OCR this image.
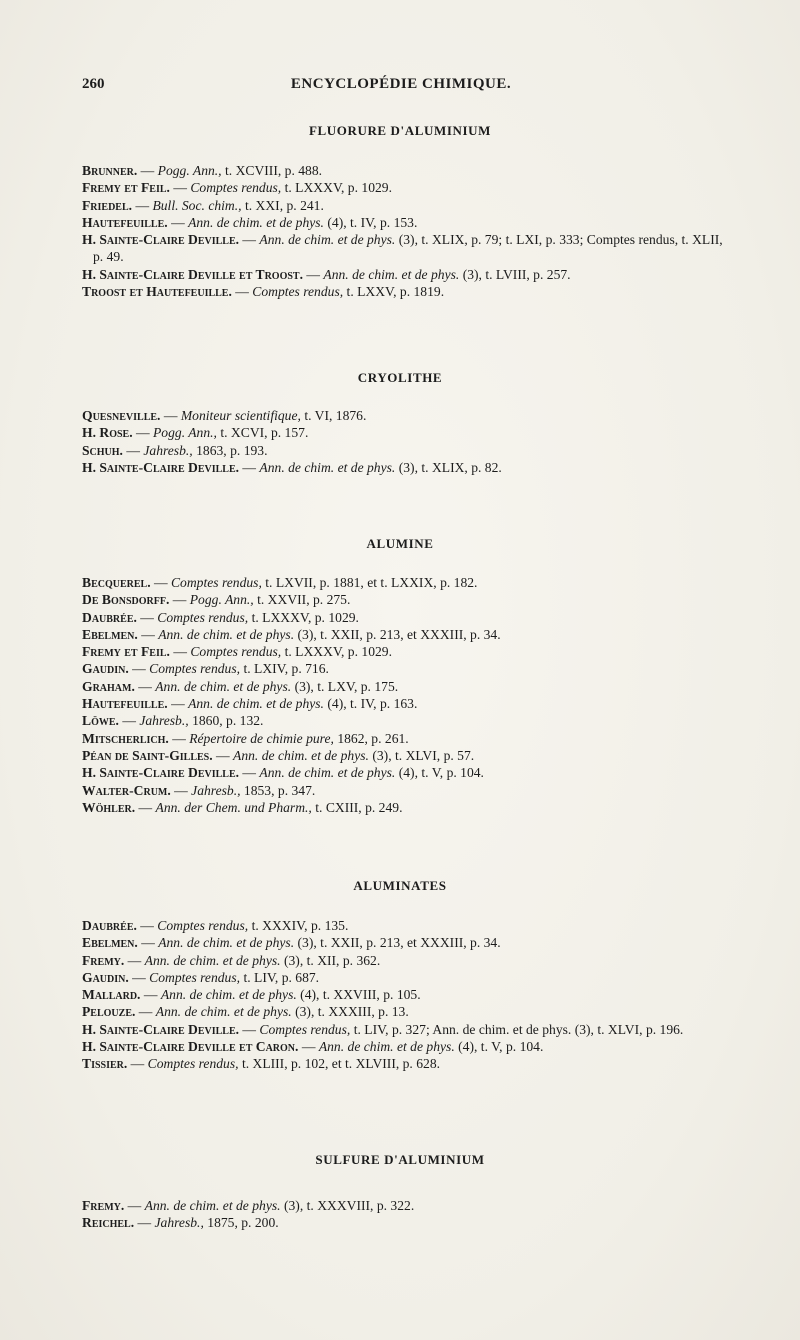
260	ENCYCLOPÉDIE CHIMIQUE.
FLUORURE D'ALUMINIUM
Brunner. — Pogg. Ann., t. XCVIII, p. 488.
Fremy et Feil. — Comptes rendus, t. LXXXV, p. 1029.
Friedel. — Bull. Soc. chim., t. XXI, p. 241.
Hautefeuille. — Ann. de chim. et de phys. (4), t. IV, p. 153.
H. Sainte-Claire Deville. — Ann. de chim. et de phys. (3), t. XLIX, p. 79; t. LXI, p. 333; Comptes rendus, t. XLII, p. 49.
H. Sainte-Claire Deville et Troost. — Ann. de chim. et de phys. (3), t. LVIII, p. 257.
Troost et Hautefeuille. — Comptes rendus, t. LXXV, p. 1819.
CRYOLITHE
Quesneville. — Moniteur scientifique, t. VI, 1876.
H. Rose. — Pogg. Ann., t. XCVI, p. 157.
Schuh. — Jahresb., 1863, p. 193.
H. Sainte-Claire Deville. — Ann. de chim. et de phys. (3), t. XLIX, p. 82.
ALUMINE
Becquerel. — Comptes rendus, t. LXVII, p. 1881, et t. LXXIX, p. 182.
De Bonsdorff. — Pogg. Ann., t. XXVII, p. 275.
Daubrée. — Comptes rendus, t. LXXXV, p. 1029.
Ebelmen. — Ann. de chim. et de phys. (3), t. XXII, p. 213, et XXXIII, p. 34.
Fremy et Feil. — Comptes rendus, t. LXXXV, p. 1029.
Gaudin. — Comptes rendus, t. LXIV, p. 716.
Graham. — Ann. de chim. et de phys. (3), t. LXV, p. 175.
Hautefeuille. — Ann. de chim. et de phys. (4), t. IV, p. 163.
Löwe. — Jahresb., 1860, p. 132.
Mitscherlich. — Répertoire de chimie pure, 1862, p. 261.
Péan de Saint-Gilles. — Ann. de chim. et de phys. (3), t. XLVI, p. 57.
H. Sainte-Claire Deville. — Ann. de chim. et de phys. (4), t. V, p. 104.
Walter-Crum. — Jahresb., 1853, p. 347.
Wöhler. — Ann. der Chem. und Pharm., t. CXIII, p. 249.
ALUMINATES
Daubrée. — Comptes rendus, t. XXXIV, p. 135.
Ebelmen. — Ann. de chim. et de phys. (3), t. XXII, p. 213, et XXXIII, p. 34.
Fremy. — Ann. de chim. et de phys. (3), t. XII, p. 362.
Gaudin. — Comptes rendus, t. LIV, p. 687.
Mallard. — Ann. de chim. et de phys. (4), t. XXVIII, p. 105.
Pelouze. — Ann. de chim. et de phys. (3), t. XXXIII, p. 13.
H. Sainte-Claire Deville. — Comptes rendus, t. LIV, p. 327; Ann. de chim. et de phys. (3), t. XLVI, p. 196.
H. Sainte-Claire Deville et Caron. — Ann. de chim. et de phys. (4), t. V, p. 104.
Tissier. — Comptes rendus, t. XLIII, p. 102, et t. XLVIII, p. 628.
SULFURE D'ALUMINIUM
Fremy. — Ann. de chim. et de phys. (3), t. XXXVIII, p. 322.
Reichel. — Jahresb., 1875, p. 200.
